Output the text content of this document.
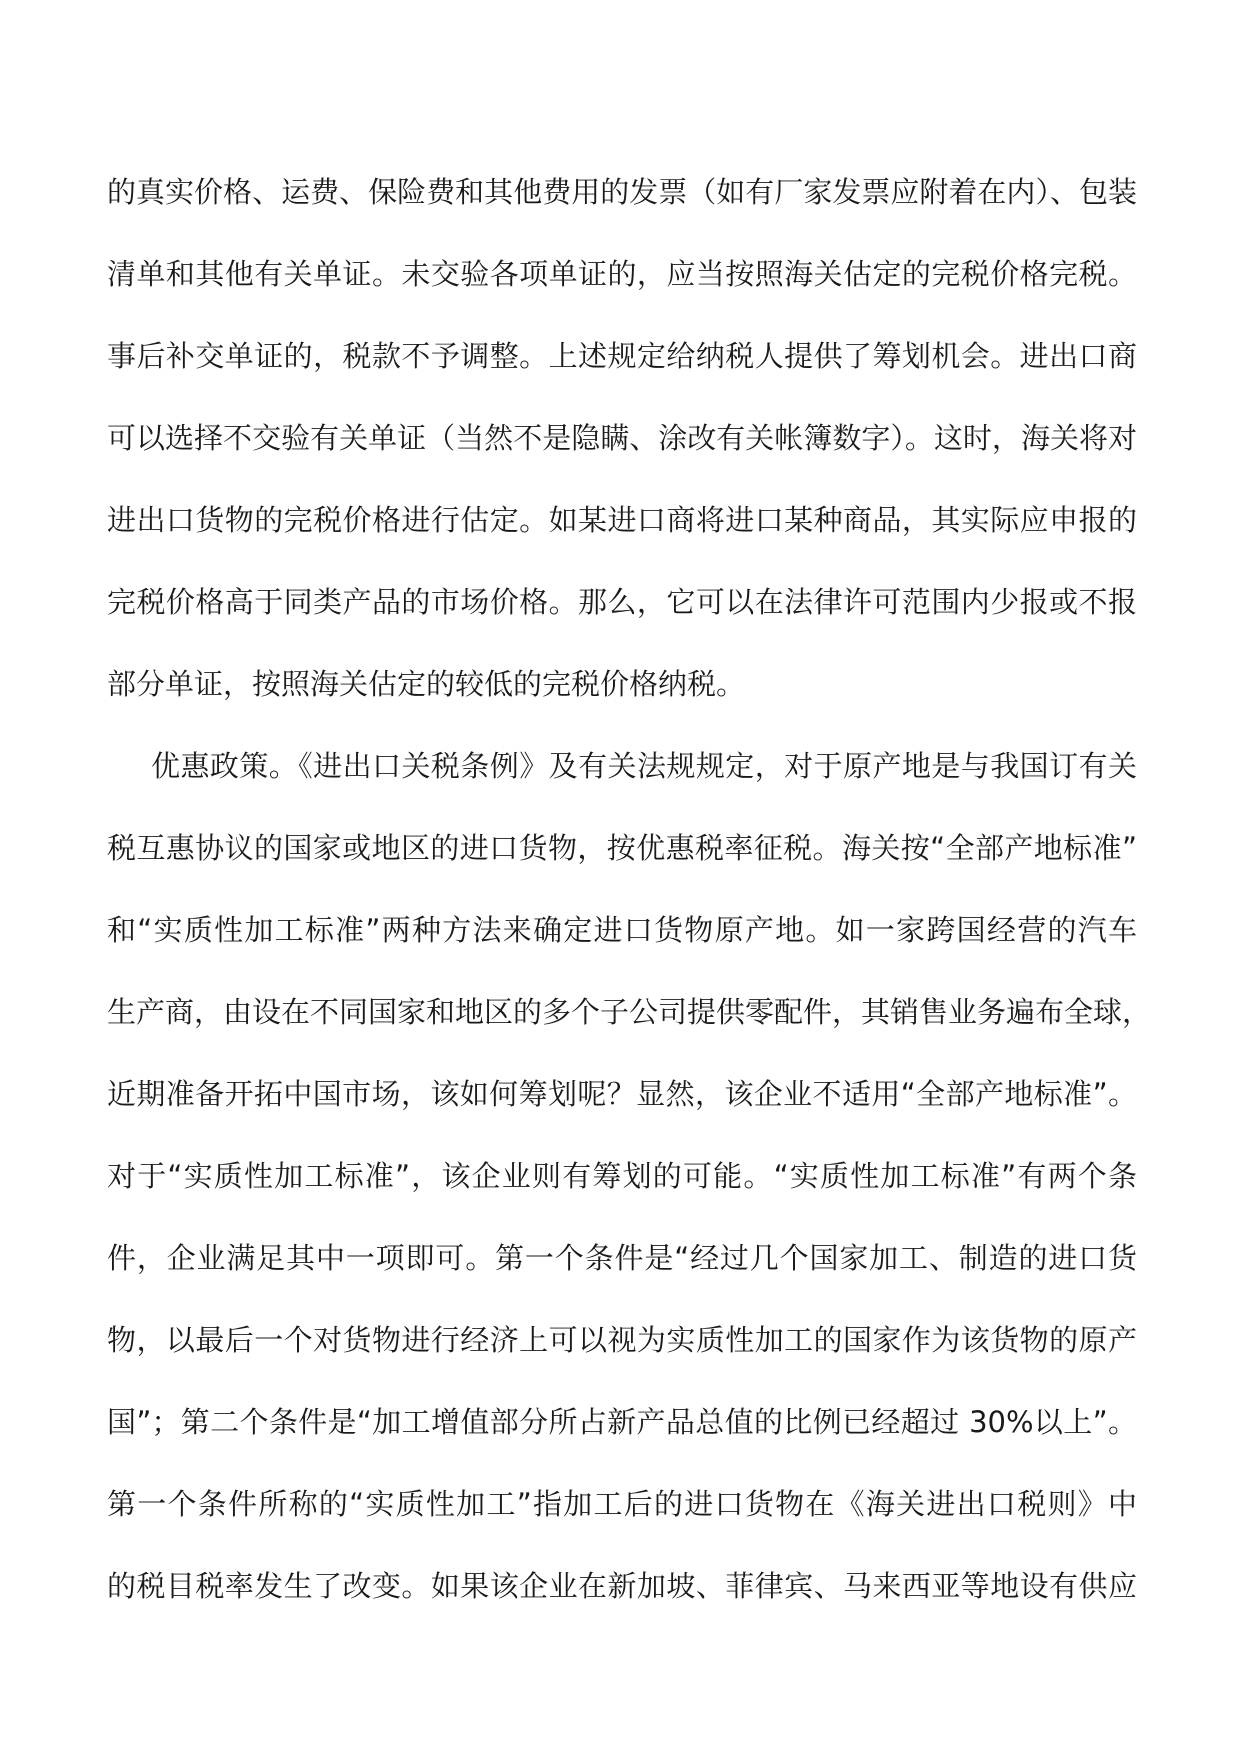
的真实价格、运费、保险费和其他费用的发票（如有厂家发票应附着在内）、包装
清单和其他有关单证。未交验各项单证的，应当按照海关估定的完税价格完税。
事后补交单证的，税款不予调整。上述规定给纳税人提供了筹划机会。进出口商
可以选择不交验有关单证（当然不是隐瞒、涂改有关帐簿数字）。这时，海关将对
进出口货物的完税价格进行估定。如某进口商将进口某种商品，其实际应申报的
完税价格高于同类产品的市场价格。那么，它可以在法律许可范围内少报或不报
部分单证，按照海关估定的较低的完税价格纳税。
优惠政策。《进出口关税条例》及有关法规规定，对于原产地是与我国订有关
税互惠协议的国家或地区的进口货物，按优惠税率征税。海关按“全部产地标准”
和“实质性加工标准”两种方法来确定进口货物原产地。如一家跨国经营的汽车
生产商，由设在不同国家和地区的多个子公司提供零配件，其销售业务遍布全球，
近期准备开拓中国市场，该如何筹划呢？显然，该企业不适用“全部产地标准”。
对于“实质性加工标准”，该企业则有筹划的可能。“实质性加工标准”有两个条
件，企业满足其中一项即可。第一个条件是“经过几个国家加工、制造的进口货
物，以最后一个对货物进行经济上可以视为实质性加工的国家作为该货物的原产
国”；第二个条件是“加工增值部分所占新产品总值的比例已经超过 30%以上”。
第一个条件所称的“实质性加工”指加工后的进口货物在《海关进出口税则》中
的税目税率发生了改变。如果该企业在新加坡、菲律宾、马来西亚等地设有供应
